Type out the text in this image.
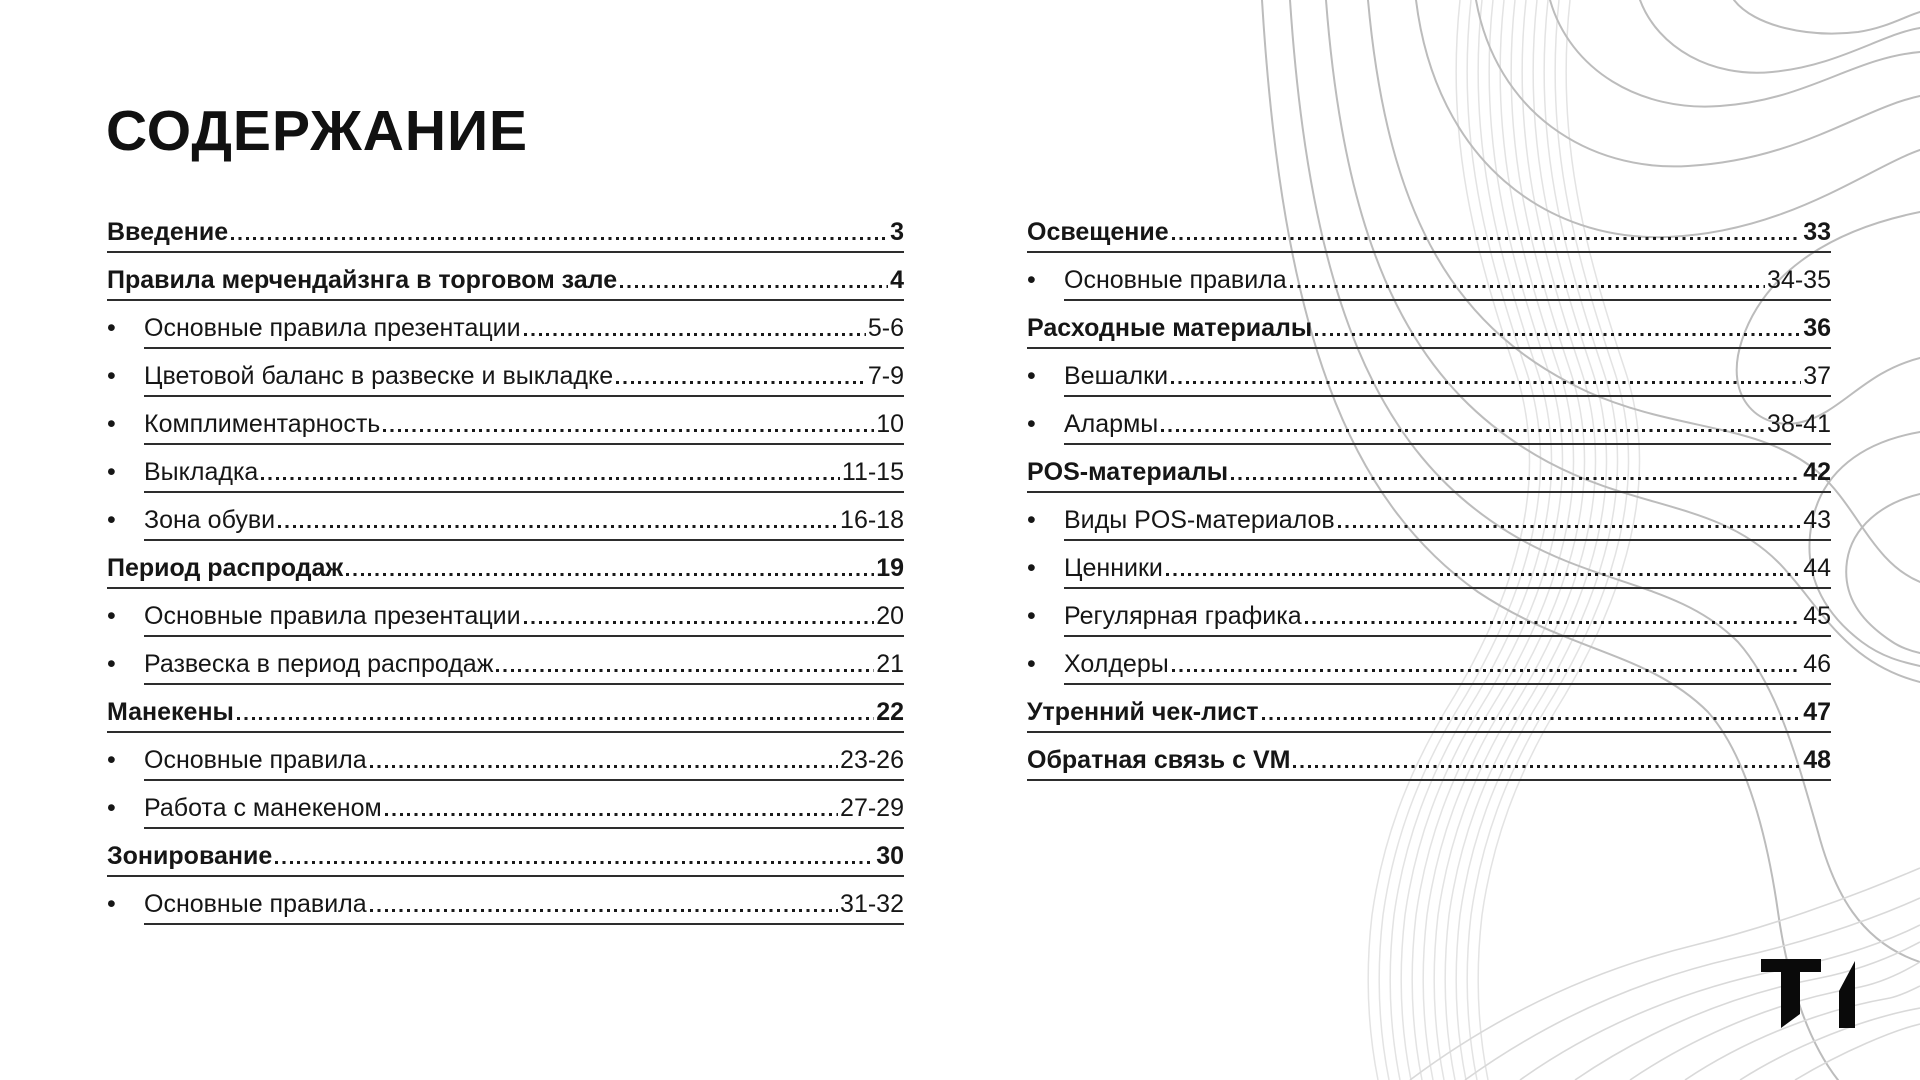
СОДЕРЖАНИЕ
Введение	3
Правила мерчендайзнга в торговом зале	4
•	Основные правила презентации	5-6
•	Цветовой баланс в развеске и выкладке	7-9
•	Комплиментарность	10
•	Выкладка	11-15
•	Зона обуви	16-18
Период распродаж	19
•	Основные правила презентации	20
•	Развеска в период распродаж	21
Манекены	22
•	Основные правила	23-26
•	Работа с манекеном	27-29
Зонирование	30
•	Основные правила	31-32
Освещение	33
•	Основные правила	34-35
Расходные материалы	36
•	Вешалки	37
•	Алармы	38-41
POS-материалы	42
•	Виды POS-материалов	43
•	Ценники	44
•	Регулярная графика	45
•	Холдеры	46
Утренний чек-лист	47
Обратная связь с VM	48
